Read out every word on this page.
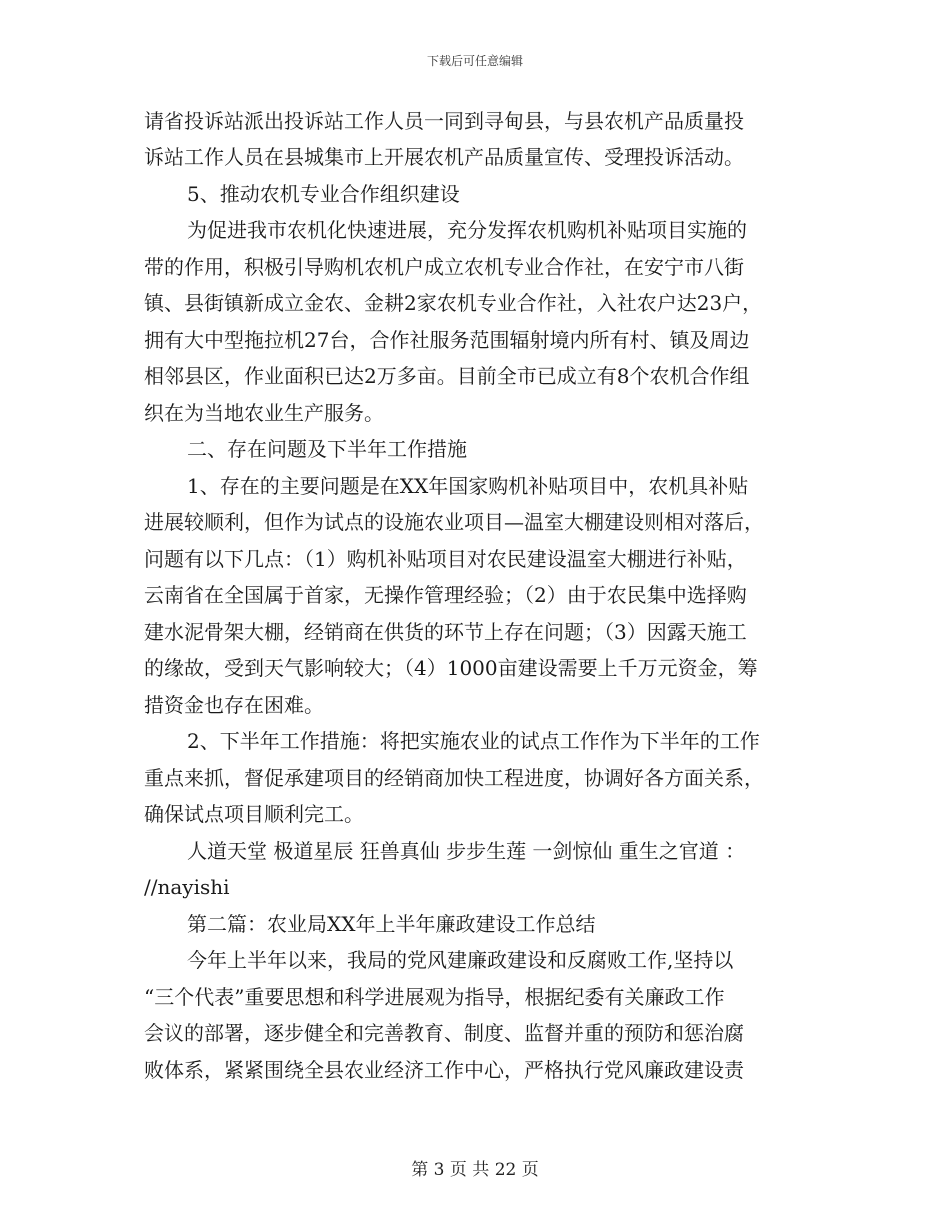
下载后可任意编辑
请省投诉站派出投诉站工作人员一同到寻甸县，与县农机产品质量投
诉站工作人员在县城集市上开展农机产品质量宣传、受理投诉活动。
5、推动农机专业合作组织建设
为促进我市农机化快速进展，充分发挥农机购机补贴项目实施的
带的作用，积极引导购机农机户成立农机专业合作社，在安宁市八街
镇、县街镇新成立金农、金耕2家农机专业合作社，入社农户达23户，
拥有大中型拖拉机27台，合作社服务范围辐射境内所有村、镇及周边
相邻县区，作业面积已达2万多亩。目前全市已成立有8个农机合作组
织在为当地农业生产服务。
二、存在问题及下半年工作措施
1、存在的主要问题是在XX年国家购机补贴项目中，农机具补贴
进展较顺利，但作为试点的设施农业项目—温室大棚建设则相对落后，
问题有以下几点：（1）购机补贴项目对农民建设温室大棚进行补贴，
云南省在全国属于首家，无操作管理经验；（2）由于农民集中选择购
建水泥骨架大棚，经销商在供货的环节上存在问题；（3）因露天施工
的缘故，受到天气影响较大；（4）1000亩建设需要上千万元资金，筹
措资金也存在困难。
2、下半年工作措施：将把实施农业的试点工作作为下半年的工作
重点来抓，督促承建项目的经销商加快工程进度，协调好各方面关系，
确保试点项目顺利完工。
人道天堂 极道星辰 狂兽真仙 步步生莲 一剑惊仙 重生之官道 ：
//nayishi
第二篇：农业局XX年上半年廉政建设工作总结
今年上半年以来，我局的党风建廉政建设和反腐败工作,坚持以
“三个代表”重要思想和科学进展观为指导，根据纪委有关廉政工作
会议的部署，逐步健全和完善教育、制度、监督并重的预防和惩治腐
败体系，紧紧围绕全县农业经济工作中心，严格执行党风廉政建设责
第 3 页 共 22 页
